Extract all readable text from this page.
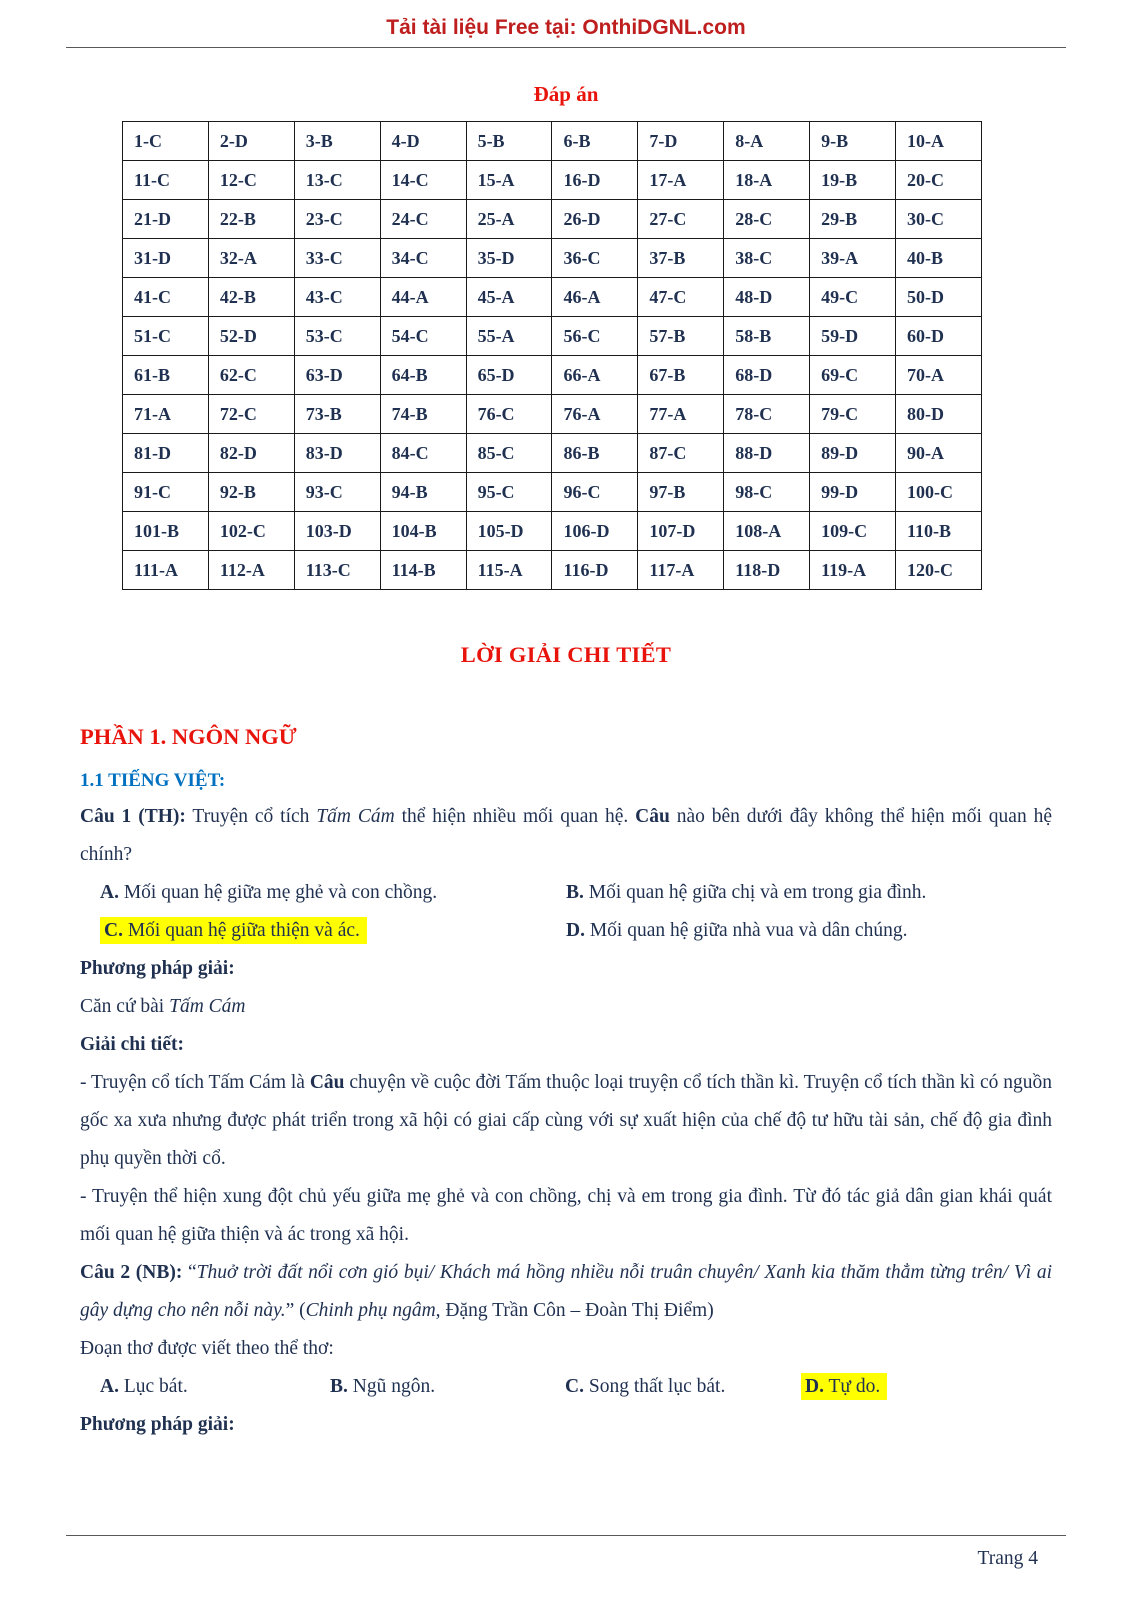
Tải tài liệu Free tại: OnthiDGNL.com
Đáp án
1-C	2-D	3-B	4-D	5-B	6-B	7-D	8-A	9-B	10-A
11-C	12-C	13-C	14-C	15-A	16-D	17-A	18-A	19-B	20-C
21-D	22-B	23-C	24-C	25-A	26-D	27-C	28-C	29-B	30-C
31-D	32-A	33-C	34-C	35-D	36-C	37-B	38-C	39-A	40-B
41-C	42-B	43-C	44-A	45-A	46-A	47-C	48-D	49-C	50-D
51-C	52-D	53-C	54-C	55-A	56-C	57-B	58-B	59-D	60-D
61-B	62-C	63-D	64-B	65-D	66-A	67-B	68-D	69-C	70-A
71-A	72-C	73-B	74-B	76-C	76-A	77-A	78-C	79-C	80-D
81-D	82-D	83-D	84-C	85-C	86-B	87-C	88-D	89-D	90-A
91-C	92-B	93-C	94-B	95-C	96-C	97-B	98-C	99-D	100-C
101-B	102-C	103-D	104-B	105-D	106-D	107-D	108-A	109-C	110-B
111-A	112-A	113-C	114-B	115-A	116-D	117-A	118-D	119-A	120-C
LỜI GIẢI CHI TIẾT
PHẦN 1. NGÔN NGỮ
1.1 TIẾNG VIỆT:

Câu 1 (TH): Truyện cổ tích Tấm Cám thể hiện nhiều mối quan hệ. Câu nào bên dưới đây không thể hiện mối quan hệ chính?

A. Mối quan hệ giữa mẹ ghẻ và con chồng.	B. Mối quan hệ giữa chị và em trong gia đình.
C. Mối quan hệ giữa thiện và ác.	D. Mối quan hệ giữa nhà vua và dân chúng.

Phương pháp giải:

Căn cứ bài Tấm Cám

Giải chi tiết:

- Truyện cổ tích Tấm Cám là Câu chuyện về cuộc đời Tấm thuộc loại truyện cổ tích thần kì. Truyện cổ tích thần kì có nguồn gốc xa xưa nhưng được phát triển trong xã hội có giai cấp cùng với sự xuất hiện của chế độ tư hữu tài sản, chế độ gia đình phụ quyền thời cổ.

- Truyện thể hiện xung đột chủ yếu giữa mẹ ghẻ và con chồng, chị và em trong gia đình. Từ đó tác giả dân gian khái quát mối quan hệ giữa thiện và ác trong xã hội.

Câu 2 (NB): “Thuở trời đất nổi cơn gió bụi/ Khách má hồng nhiều nỗi truân chuyên/ Xanh kia thăm thẳm từng trên/ Vì ai gây dựng cho nên nỗi này.” (Chinh phụ ngâm, Đặng Trần Côn – Đoàn Thị Điểm)

Đoạn thơ được viết theo thể thơ:

A. Lục bát.	B. Ngũ ngôn.	C. Song thất lục bát.	D. Tự do.

Phương pháp giải:

Trang 4
